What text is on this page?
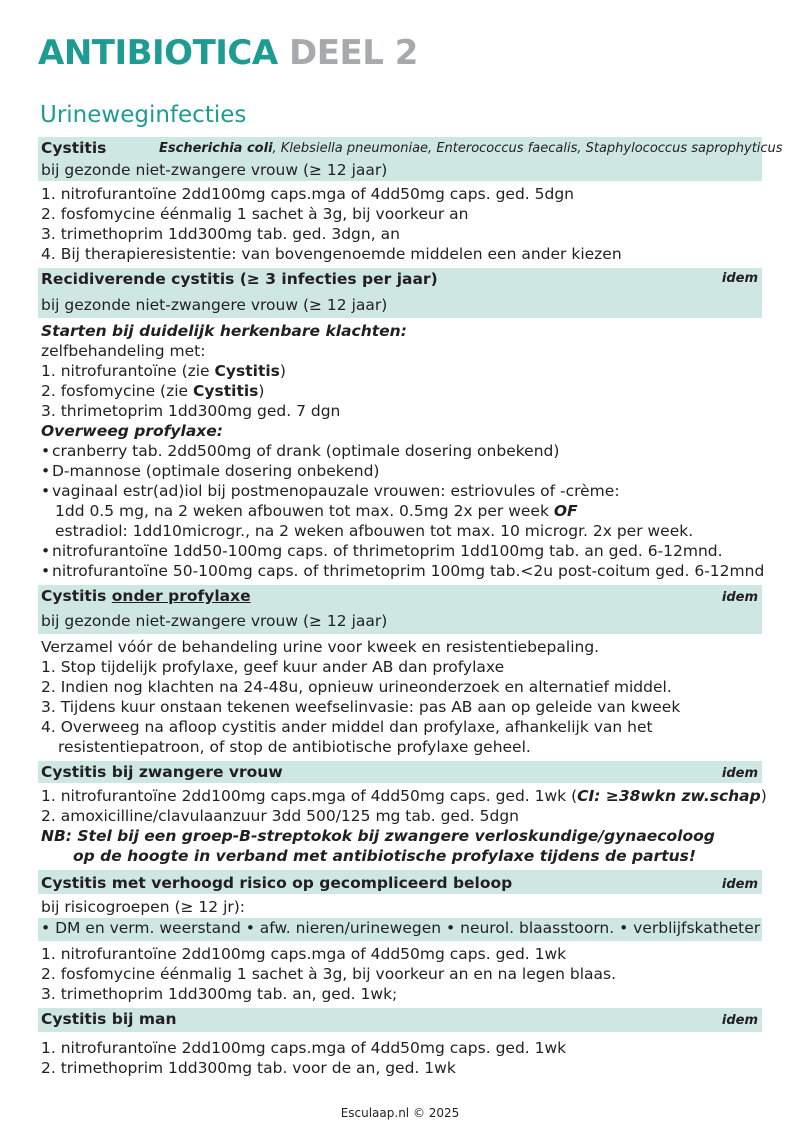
ANTIBIOTICA DEEL 2
Urineweginfecties
Cystitis	Escherichia coli, Klebsiella pneumoniae, Enterococcus faecalis, Staphylococcus saprophyticus
bij gezonde niet-zwangere vrouw (≥ 12 jaar)
1. nitrofurantoïne 2dd100mg caps.mga of 4dd50mg caps. ged. 5dgn
2. fosfomycine éénmalig 1 sachet à 3g, bij voorkeur an
3. trimethoprim 1dd300mg tab. ged. 3dgn, an
4. Bij therapieresistentie: van bovengenoemde middelen een ander kiezen
Recidiverende cystitis (≥ 3 infecties per jaar)	idem
bij gezonde niet-zwangere vrouw (≥ 12 jaar)
Starten bij duidelijk herkenbare klachten:
zelfbehandeling met:
1. nitrofurantoïne (zie Cystitis)
2. fosfomycine (zie Cystitis)
3. thrimetoprim 1dd300mg ged. 7 dgn
Overweeg profylaxe:
• cranberry tab. 2dd500mg of drank (optimale dosering onbekend)
• D-mannose (optimale dosering onbekend)
• vaginaal estr(ad)iol bij postmenopauzale vrouwen: estriovules of -crème:
1dd 0.5 mg, na 2 weken afbouwen tot max. 0.5mg 2x per week OF
estradiol: 1dd10microgr., na 2 weken afbouwen tot max. 10 microgr. 2x per week.
• nitrofurantoïne 1dd50-100mg caps. of thrimetoprim 1dd100mg tab. an ged. 6-12mnd.
• nitrofurantoïne 50-100mg caps. of thrimetoprim 100mg tab.<2u post-coitum ged. 6-12mnd
Cystitis onder profylaxe	idem
bij gezonde niet-zwangere vrouw (≥ 12 jaar)
Verzamel vóór de behandeling urine voor kweek en resistentiebepaling.
1. Stop tijdelijk profylaxe, geef kuur ander AB dan profylaxe
2. Indien nog klachten na 24-48u, opnieuw urineonderzoek en alternatief middel.
3. Tijdens kuur onstaan tekenen weefselinvasie: pas AB aan op geleide van kweek
4. Overweeg na afloop cystitis ander middel dan profylaxe, afhankelijk van het
resistentiepatroon, of stop de antibiotische profylaxe geheel.
Cystitis bij zwangere vrouw	idem
1. nitrofurantoïne 2dd100mg caps.mga of 4dd50mg caps. ged. 1wk (CI: ≥38wkn zw.schap)
2. amoxicilline/clavulaanzuur 3dd 500/125 mg tab. ged. 5dgn
NB: Stel bij een groep-B-streptokok bij zwangere verloskundige/gynaecoloog
op de hoogte in verband met antibiotische profylaxe tijdens de partus!
Cystitis met verhoogd risico op gecompliceerd beloop	idem
bij risicogroepen (≥ 12 jr):
• DM en verm. weerstand • afw. nieren/urinewegen • neurol. blaasstoorn. • verblijfskatheter
1. nitrofurantoïne 2dd100mg caps.mga of 4dd50mg caps. ged. 1wk
2. fosfomycine éénmalig 1 sachet à 3g, bij voorkeur an en na legen blaas.
3. trimethoprim 1dd300mg tab. an, ged. 1wk;
Cystitis bij man	idem
1. nitrofurantoïne 2dd100mg caps.mga of 4dd50mg caps. ged. 1wk
2. trimethoprim 1dd300mg tab. voor de an, ged. 1wk
Esculaap.nl © 2025
